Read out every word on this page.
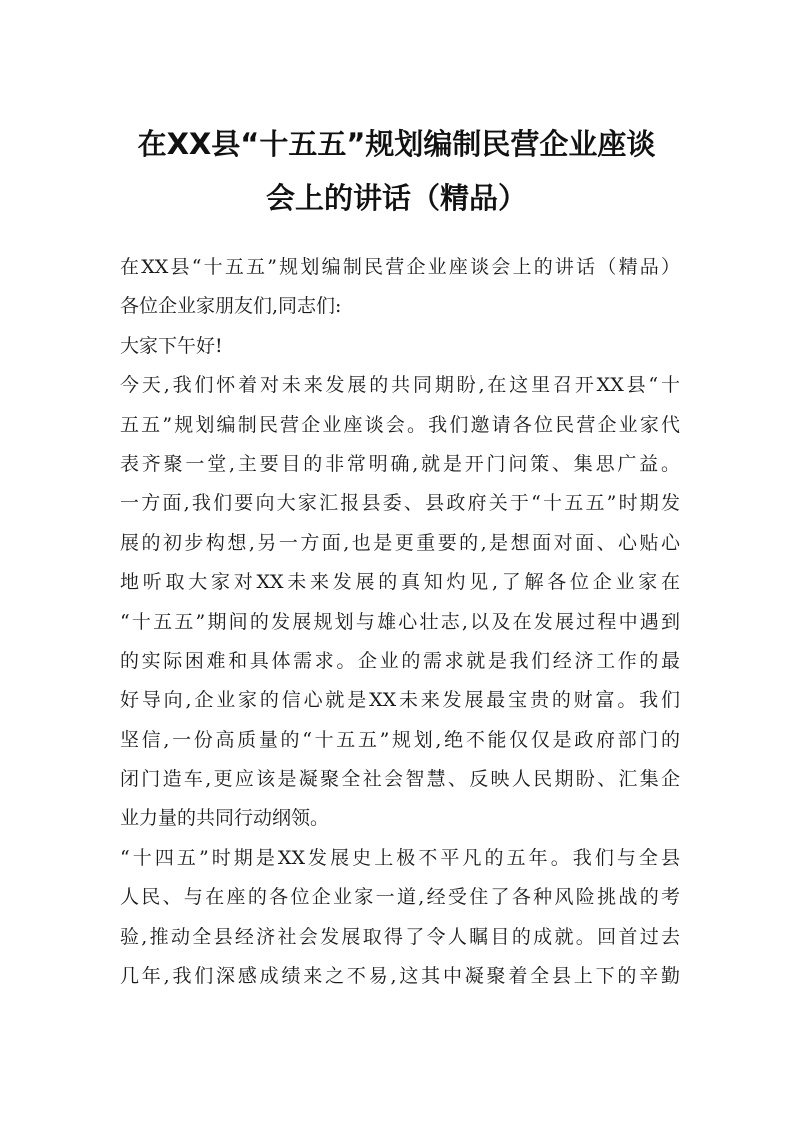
在XX县“十五五”规划编制民营企业座谈
会上的讲话（精品）
在XX县“十五五”规划编制民营企业座谈会上的讲话（精品）
各位企业家朋友们,同志们:
大家下午好!
今天,我们怀着对未来发展的共同期盼,在这里召开XX县“十
五五”规划编制民营企业座谈会。我们邀请各位民营企业家代
表齐聚一堂,主要目的非常明确,就是开门问策、集思广益。
一方面,我们要向大家汇报县委、县政府关于“十五五”时期发
展的初步构想,另一方面,也是更重要的,是想面对面、心贴心
地听取大家对XX未来发展的真知灼见,了解各位企业家在
“十五五”期间的发展规划与雄心壮志,以及在发展过程中遇到
的实际困难和具体需求。企业的需求就是我们经济工作的最
好导向,企业家的信心就是XX未来发展最宝贵的财富。我们
坚信,一份高质量的“十五五”规划,绝不能仅仅是政府部门的
闭门造车,更应该是凝聚全社会智慧、反映人民期盼、汇集企
业力量的共同行动纲领。
“十四五”时期是XX发展史上极不平凡的五年。我们与全县
人民、与在座的各位企业家一道,经受住了各种风险挑战的考
验,推动全县经济社会发展取得了令人瞩目的成就。回首过去
几年,我们深感成绩来之不易,这其中凝聚着全县上下的辛勤
